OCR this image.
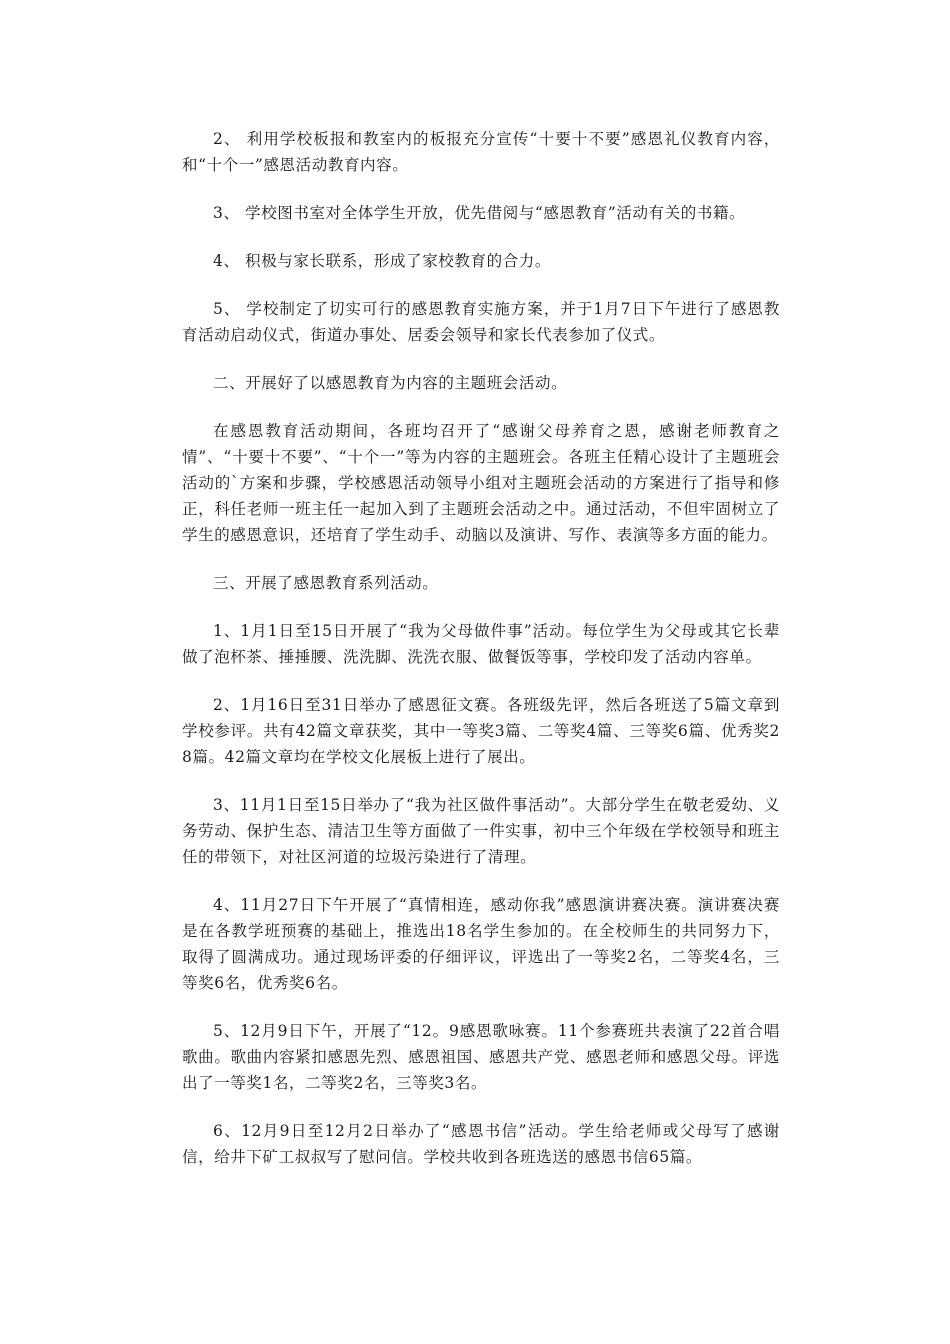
2、 利用学校板报和教室内的板报充分宣传“十要十不要”感恩礼仪教育内容，和“十个一”感恩活动教育内容。

3、 学校图书室对全体学生开放，优先借阅与“感恩教育”活动有关的书籍。

4、 积极与家长联系，形成了家校教育的合力。

5、 学校制定了切实可行的感恩教育实施方案，并于1月7日下午进行了感恩教育活动启动仪式，街道办事处、居委会领导和家长代表参加了仪式。

二、开展好了以感恩教育为内容的主题班会活动。

在感恩教育活动期间，各班均召开了“感谢父母养育之恩，感谢老师教育之情”、“十要十不要”、“十个一”等为内容的主题班会。各班主任精心设计了主题班会活动的`方案和步骤，学校感恩活动领导小组对主题班会活动的方案进行了指导和修正，科任老师一班主任一起加入到了主题班会活动之中。通过活动，不但牢固树立了学生的感恩意识，还培育了学生动手、动脑以及演讲、写作、表演等多方面的能力。

三、开展了感恩教育系列活动。

1、1月1日至15日开展了“我为父母做件事”活动。每位学生为父母或其它长辈做了泡杯茶、捶捶腰、洗洗脚、洗洗衣服、做餐饭等事，学校印发了活动内容单。

2、1月16日至31日举办了感恩征文赛。各班级先评，然后各班送了5篇文章到学校参评。共有42篇文章获奖，其中一等奖3篇、二等奖4篇、三等奖6篇、优秀奖28篇。42篇文章均在学校文化展板上进行了展出。

3、11月1日至15日举办了“我为社区做件事活动”。大部分学生在敬老爱幼、义务劳动、保护生态、清洁卫生等方面做了一件实事，初中三个年级在学校领导和班主任的带领下，对社区河道的垃圾污染进行了清理。

4、11月27日下午开展了“真情相连，感动你我”感恩演讲赛决赛。演讲赛决赛是在各教学班预赛的基础上，推选出18名学生参加的。在全校师生的共同努力下，取得了圆满成功。通过现场评委的仔细评议，评选出了一等奖2名，二等奖4名，三等奖6名，优秀奖6名。

5、12月9日下午，开展了“12。9感恩歌咏赛。11个参赛班共表演了22首合唱歌曲。歌曲内容紧扣感恩先烈、感恩祖国、感恩共产党、感恩老师和感恩父母。评选出了一等奖1名，二等奖2名，三等奖3名。

6、12月9日至12月2日举办了“感恩书信”活动。学生给老师或父母写了感谢信，给井下矿工叔叔写了慰问信。学校共收到各班选送的感恩书信65篇。
